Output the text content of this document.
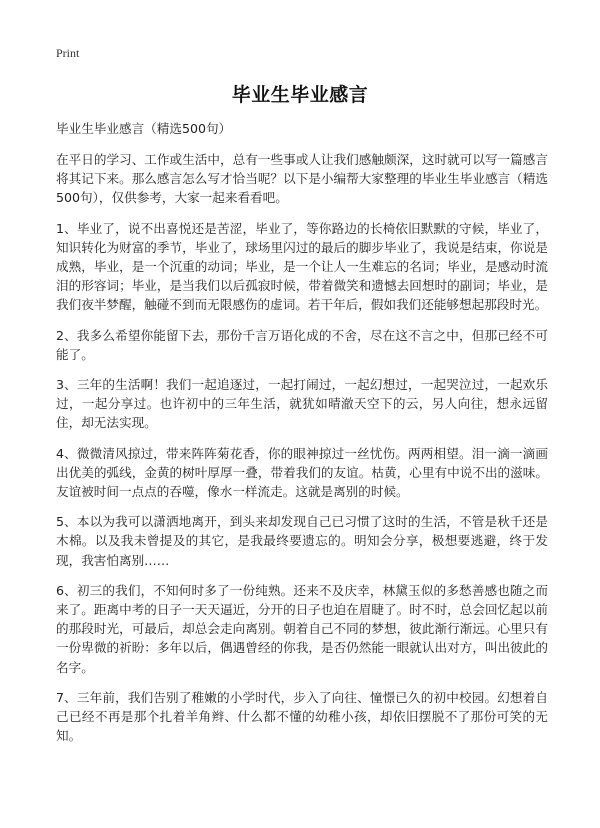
Print
毕业生毕业感言

毕业生毕业感言（精选500句）

在平日的学习、工作或生活中，总有一些事或人让我们感触颇深，这时就可以写一篇感言将其记下来。那么感言怎么写才恰当呢？以下是小编帮大家整理的毕业生毕业感言（精选500句），仅供参考，大家一起来看看吧。

1、毕业了，说不出喜悦还是苦涩，毕业了，等你路边的长椅依旧默默的守候，毕业了，知识转化为财富的季节，毕业了，球场里闪过的最后的脚步毕业了，我说是结束，你说是成熟，毕业，是一个沉重的动词；毕业，是一个让人一生难忘的名词；毕业，是感动时流泪的形容词；毕业，是当我们以后孤寂时候，带着微笑和遗憾去回想时的副词；毕业，是我们夜半梦醒，触碰不到而无限感伤的虚词。若干年后，假如我们还能够想起那段时光。

2、我多么希望你能留下去，那份千言万语化成的不舍，尽在这不言之中，但那已经不可能了。

3、三年的生活啊！我们一起追逐过，一起打闹过，一起幻想过，一起哭泣过，一起欢乐过，一起分享过。也许初中的三年生活，就犹如晴澈天空下的云，另人向往，想永远留住，却无法实现。

4、微微清风掠过，带来阵阵菊花香，你的眼神掠过一丝忧伤。两两相望。泪一滴一滴画出优美的弧线，金黄的树叶厚厚一叠，带着我们的友谊。枯黄，心里有中说不出的滋味。友谊被时间一点点的吞噬，像水一样流走。这就是离别的时候。

5、本以为我可以潇洒地离开，到头来却发现自己已习惯了这时的生活，不管是秋千还是木棉。以及我未曾提及的其它，是我最终要遗忘的。明知会分享，极想要逃避，终于发现，我害怕离别……

6、初三的我们，不知何时多了一份纯熟。还来不及庆幸，林黛玉似的多愁善感也随之而来了。距离中考的日子一天天逼近，分开的日子也迫在眉睫了。时不时，总会回忆起以前的那段时光，可最后，却总会走向离别。朝着自己不同的梦想，彼此渐行渐远。心里只有一份卑微的祈盼：多年以后，偶遇曾经的你我，是否仍然能一眼就认出对方，叫出彼此的名字。

7、三年前，我们告别了稚嫩的小学时代，步入了向往、憧憬已久的初中校园。幻想着自己已经不再是那个扎着羊角辫、什么都不懂的幼稚小孩，却依旧摆脱不了那份可笑的无知。
